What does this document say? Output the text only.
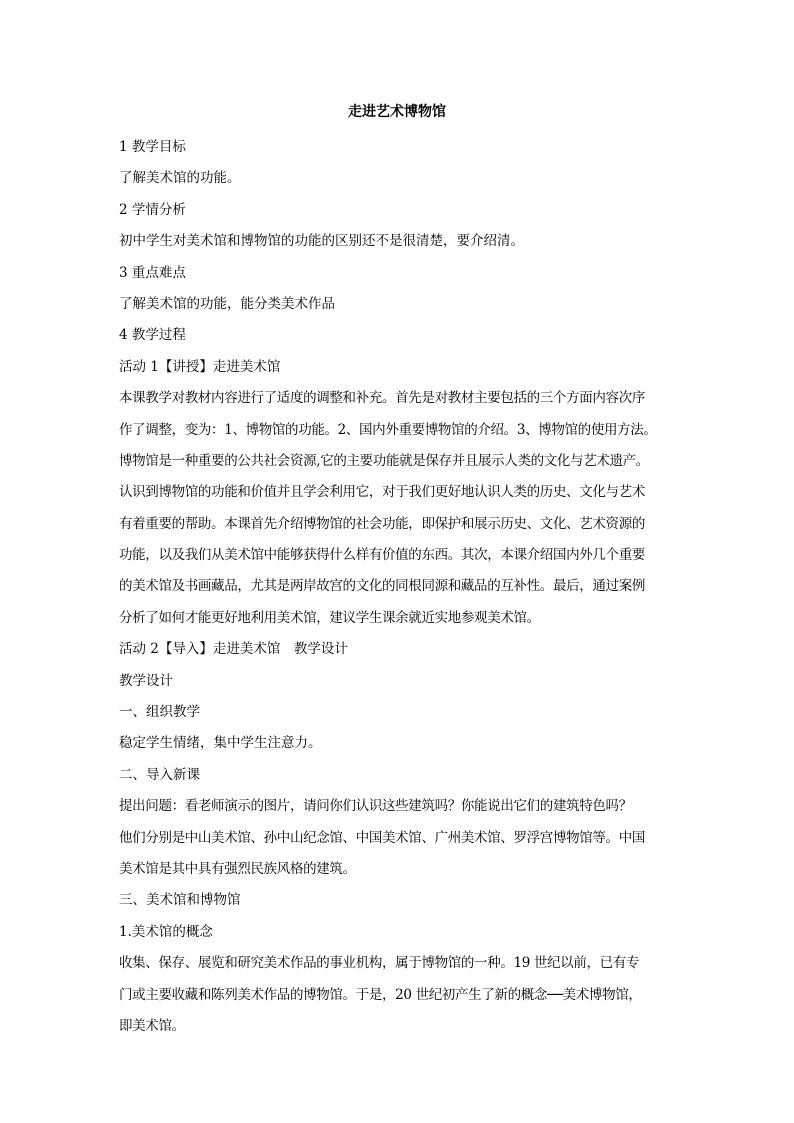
走进艺术博物馆
1 教学目标
了解美术馆的功能。
2 学情分析
初中学生对美术馆和博物馆的功能的区别还不是很清楚，要介绍清。
3 重点难点
了解美术馆的功能，能分类美术作品
4 教学过程
活动 1【讲授】走进美术馆
本课教学对教材内容进行了适度的调整和补充。首先是对教材主要包括的三个方面内容次序
作了调整，变为：1、博物馆的功能。2、国内外重要博物馆的介绍。3、博物馆的使用方法。
博物馆是一种重要的公共社会资源,它的主要功能就是保存并且展示人类的文化与艺术遗产。
认识到博物馆的功能和价值并且学会利用它，对于我们更好地认识人类的历史、文化与艺术
有着重要的帮助。本课首先介绍博物馆的社会功能，即保护和展示历史、文化、艺术资源的
功能，以及我们从美术馆中能够获得什么样有价值的东西。其次，本课介绍国内外几个重要
的美术馆及书画藏品，尤其是两岸故宫的文化的同根同源和藏品的互补性。最后，通过案例
分析了如何才能更好地利用美术馆，建议学生课余就近实地参观美术馆。
活动 2【导入】走进美术馆　教学设计
教学设计
一、组织教学
稳定学生情绪，集中学生注意力。
二、导入新课
提出问题：看老师演示的图片，请问你们认识这些建筑吗？你能说出它们的建筑特色吗？
他们分别是中山美术馆、孙中山纪念馆、中国美术馆、广州美术馆、罗浮宫博物馆等。中国
美术馆是其中具有强烈民族风格的建筑。
三、美术馆和博物馆
1.美术馆的概念
收集、保存、展览和研究美术作品的事业机构，属于博物馆的一种。19 世纪以前，已有专
门或主要收藏和陈列美术作品的博物馆。于是，20 世纪初产生了新的概念──美术博物馆，
即美术馆。
